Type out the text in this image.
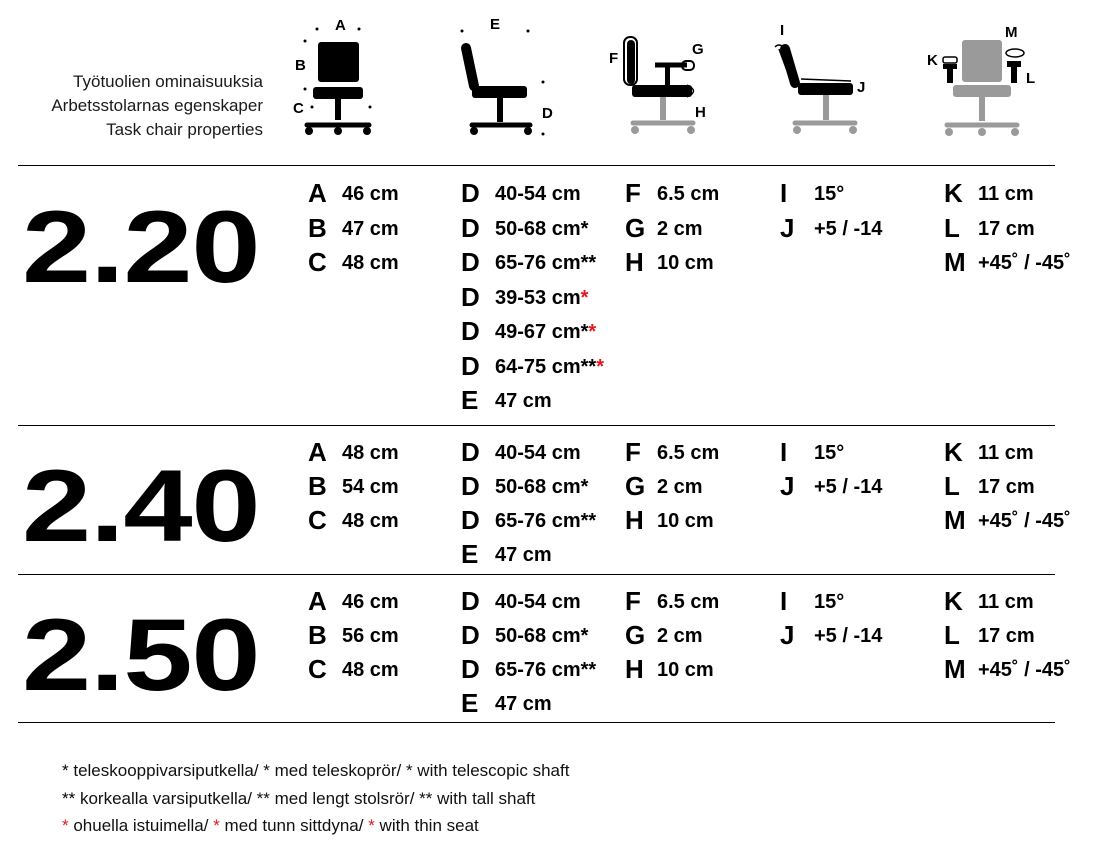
Työtuolien ominaisuuksia
Arbetsstolarnas egenskaper
Task chair properties
A
B
C
E
D
F
G
H
I
J
M
K
L
2.20 A 46 cm
B 47 cm
C 48 cm
D 40-54 cm
D 50-68 cm*
D 65-76 cm**
D 39-53 cm*
D 49-67 cm**
D 64-75 cm***
E 47 cm
F 6.5 cm
G 2 cm
H 10 cm
I 15°
J +5 / -14
K 11 cm
L 17 cm
M +45˚ / -45˚
2.40 A 48 cm
B 54 cm
C 48 cm
D 40-54 cm
D 50-68 cm*
D 65-76 cm**
E 47 cm
F 6.5 cm
G 2 cm
H 10 cm
I 15°
J +5 / -14
K 11 cm
L 17 cm
M +45˚ / -45˚
2.50 A 46 cm
B 56 cm
C 48 cm
D 40-54 cm
D 50-68 cm*
D 65-76 cm**
E 47 cm
F 6.5 cm
G 2 cm
H 10 cm
I 15°
J +5 / -14
K 11 cm
L 17 cm
M +45˚ / -45˚
* teleskooppivarsiputkella/ * med teleskoprör/ * with telescopic shaft
** korkealla varsiputkella/ ** med lengt stolsrör/ ** with tall shaft
* ohuella istuimella/ * med tunn sittdyna/ * with thin seat
